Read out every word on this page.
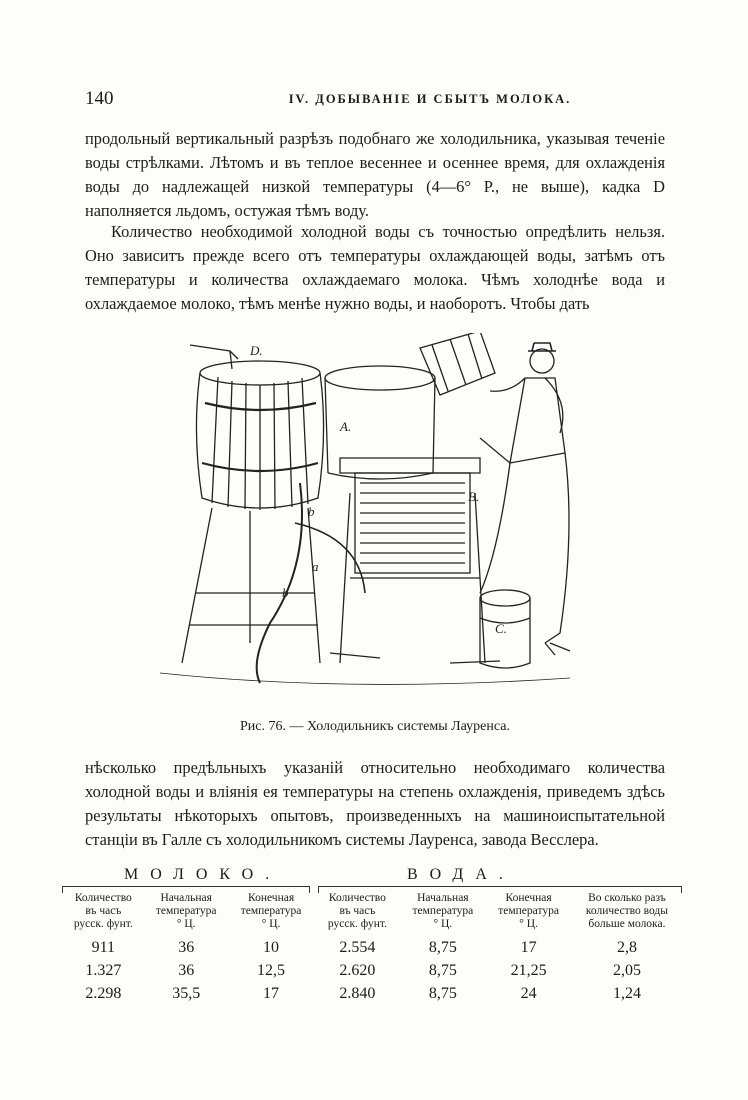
140	IV. ДОБЫВАНІЕ И СБЫТЪ МОЛОКА.

продольный вертикальный разрѣзъ подобнаго же холодильника, указывая теченіе воды стрѣлками. Лѣтомъ и въ теплое весеннее и осеннее время, для охлажденія воды до надлежащей низкой температуры (4—6° Р., не выше), кадка D наполняется льдомъ, остужая тѣмъ воду.

Количество необходимой холодной воды съ точностью опредѣлить нельзя. Оно зависитъ прежде всего отъ температуры охлаждающей воды, затѣмъ отъ температуры и количества охлаждаемаго молока. Чѣмъ холоднѣе вода и охлаждаемое молоко, тѣмъ менѣе нужно воды, и наоборотъ. Чтобы дать

D.
A.
B.
C.
b
a
b
Рис. 76. — Холодильникъ системы Лауренса.

нѣсколько предѣльныхъ указаній относительно необходимаго количества холодной воды и вліянія ея температуры на степень охлажденія, приведемъ здѣсь результаты нѣкоторыхъ опытовъ, произведенныхъ на машиноиспытательной станціи въ Галле съ холодильникомъ системы Лауренса, завода Весслера.

МОЛОКО.	ВОДА.
Количество
въ часъ
русск. фунт.	Начальная
температура
° Ц.	Конечная
температура
° Ц.	Количество
въ часъ
русск. фунт.	Начальная
температура
° Ц.	Конечная
температура
° Ц.	Во сколько разъ
количество воды
больше молока.
911	36	10	2.554	8,75	17	2,8
1.327	36	12,5	2.620	8,75	21,25	2,05
2.298	35,5	17	2.840	8,75	24	1,24
